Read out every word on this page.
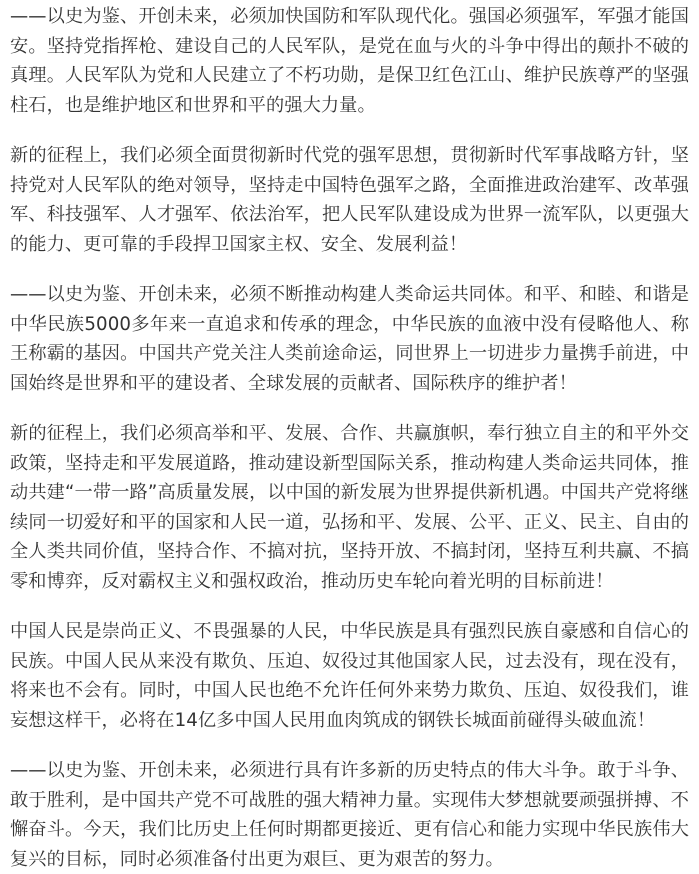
——以史为鉴、开创未来，必须加快国防和军队现代化。强国必须强军，军强才能国安。坚持党指挥枪、建设自己的人民军队，是党在血与火的斗争中得出的颠扑不破的真理。人民军队为党和人民建立了不朽功勋，是保卫红色江山、维护民族尊严的坚强柱石，也是维护地区和世界和平的强大力量。

新的征程上，我们必须全面贯彻新时代党的强军思想，贯彻新时代军事战略方针，坚持党对人民军队的绝对领导，坚持走中国特色强军之路，全面推进政治建军、改革强军、科技强军、人才强军、依法治军，把人民军队建设成为世界一流军队，以更强大的能力、更可靠的手段捍卫国家主权、安全、发展利益！

——以史为鉴、开创未来，必须不断推动构建人类命运共同体。和平、和睦、和谐是中华民族5000多年来一直追求和传承的理念，中华民族的血液中没有侵略他人、称王称霸的基因。中国共产党关注人类前途命运，同世界上一切进步力量携手前进，中国始终是世界和平的建设者、全球发展的贡献者、国际秩序的维护者！

新的征程上，我们必须高举和平、发展、合作、共赢旗帜，奉行独立自主的和平外交政策，坚持走和平发展道路，推动建设新型国际关系，推动构建人类命运共同体，推动共建“一带一路”高质量发展，以中国的新发展为世界提供新机遇。中国共产党将继续同一切爱好和平的国家和人民一道，弘扬和平、发展、公平、正义、民主、自由的全人类共同价值，坚持合作、不搞对抗，坚持开放、不搞封闭，坚持互利共赢、不搞零和博弈，反对霸权主义和强权政治，推动历史车轮向着光明的目标前进！

中国人民是崇尚正义、不畏强暴的人民，中华民族是具有强烈民族自豪感和自信心的民族。中国人民从来没有欺负、压迫、奴役过其他国家人民，过去没有，现在没有，将来也不会有。同时，中国人民也绝不允许任何外来势力欺负、压迫、奴役我们，谁妄想这样干，必将在14亿多中国人民用血肉筑成的钢铁长城面前碰得头破血流！

——以史为鉴、开创未来，必须进行具有许多新的历史特点的伟大斗争。敢于斗争、敢于胜利，是中国共产党不可战胜的强大精神力量。实现伟大梦想就要顽强拼搏、不懈奋斗。今天，我们比历史上任何时期都更接近、更有信心和能力实现中华民族伟大复兴的目标，同时必须准备付出更为艰巨、更为艰苦的努力。
